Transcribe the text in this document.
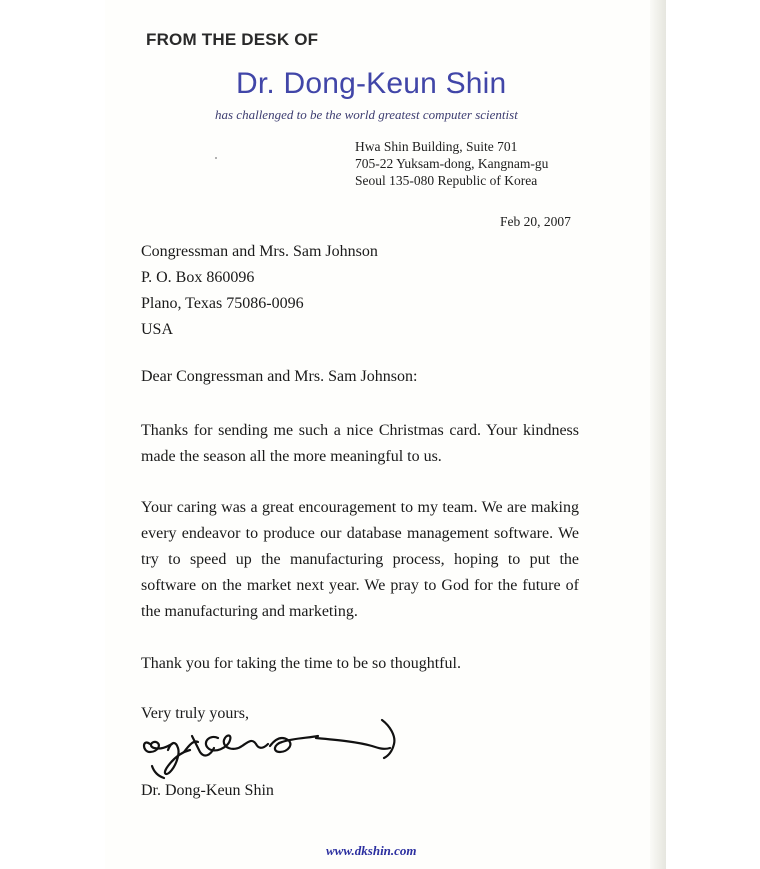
FROM THE DESK OF
Dr. Dong-Keun Shin
has challenged to be the world greatest computer scientist
Hwa Shin Building, Suite 701
705-22 Yuksam-dong, Kangnam-gu
Seoul 135-080 Republic of Korea
Feb 20, 2007
Congressman and Mrs. Sam Johnson
P. O. Box 860096
Plano, Texas 75086-0096
USA
Dear Congressman and Mrs. Sam Johnson:
Thanks for sending me such a nice Christmas card. Your kindness made the season all the more meaningful to us.
Your caring was a great encouragement to my team. We are making every endeavor to produce our database management software. We try to speed up the manufacturing process, hoping to put the software on the market next year. We pray to God for the future of the manufacturing and marketing.
Thank you for taking the time to be so thoughtful.
Very truly yours,
Dr. Dong-Keun Shin
www.dkshin.com
